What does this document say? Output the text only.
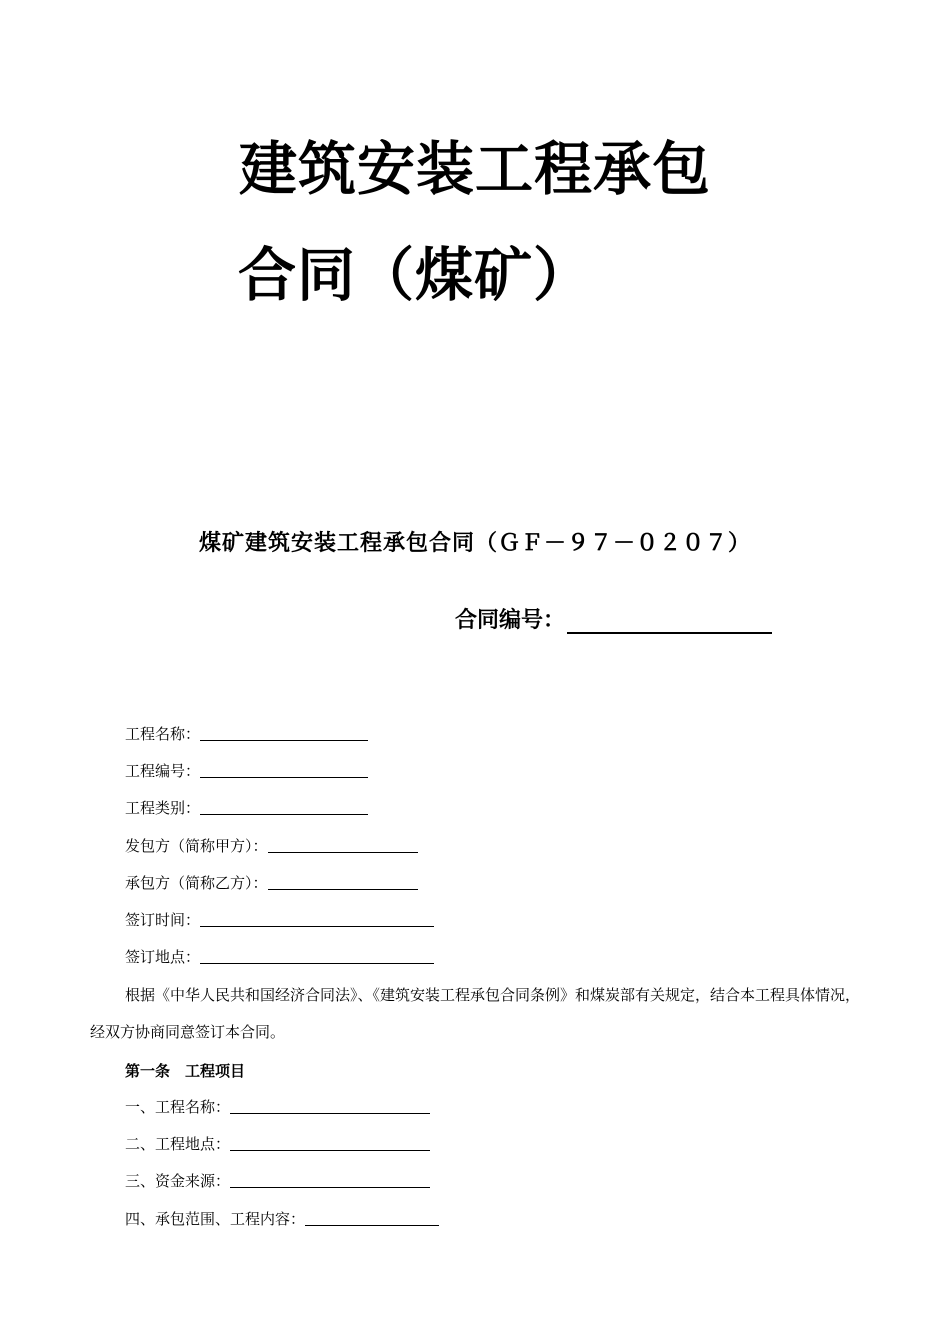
建筑安装工程承包
合同（煤矿）
煤矿建筑安装工程承包合同（ＧＦ－９７－０２０７）
合同编号：
工程名称：
工程编号：
工程类别：
发包方（简称甲方）：
承包方（简称乙方）：
签订时间：
签订地点：
根据《中华人民共和国经济合同法》、《建筑安装工程承包合同条例》和煤炭部有关规定，结合本工程具体情况，经双方协商同意签订本合同。
第一条　工程项目
一、工程名称：
二、工程地点：
三、资金来源：
四、承包范围、工程内容：
